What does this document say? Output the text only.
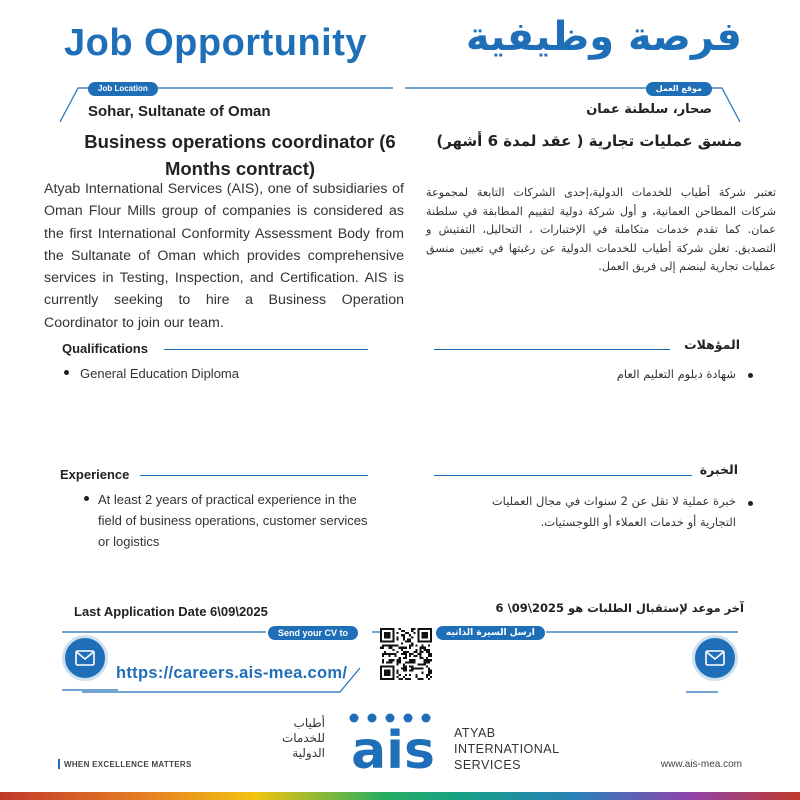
Job Opportunity فرصة وظيفية
Job Location	موقع العمل
Sohar, Sultanate of Oman	صحار، سلطنة عمان
Business operations coordinator (6 Months contract)
منسق عمليات تجارية ( عقد لمدة 6 أشهر)
Atyab International Services (AIS), one of subsidiaries of Oman Flour Mills group of companies is considered as the first International Conformity Assessment Body from the Sultanate of Oman which provides comprehensive services in Testing, Inspection, and Certification. AIS is currently seeking to hire a Business Operation Coordinator to join our team.
تعتبر شركة أطياب للخدمات الدولية،إحدى الشركات التابعة لمجموعة شركات المطاحن العمانية، و أول شركة دولية لتقييم المطابقة في سلطنة عمان. كما تقدم خدمات متكاملة في الإختبارات ، التحاليل، التفتيش و التصديق. تعلن شركة أطياب للخدمات الدولية عن رغبتها في تعيين منسق عمليات تجارية لينضم إلى فريق العمل.
Qualifications	المؤهلات
General Education Diploma	شهادة دبلوم التعليم العام
Experience	الخبرة
At least 2 years of practical experience in the field of business operations, customer services or logistics
خبرة عملية لا تقل عن 2 سنوات في مجال العمليات التجارية أو خدمات العملاء أو اللوجستيات.
Last Application Date 6\09\2025	آخر موعد لإستقبال الطلبات هو 2025\09\ 6
Send your CV to	ارسل السيرة الذاتيه
https://careers.ais-mea.com/
أطياب
للخدمات
الدولية ais ATYAB
INTERNATIONAL
SERVICES
WHEN EXCELLENCE MATTERS	www.ais-mea.com
